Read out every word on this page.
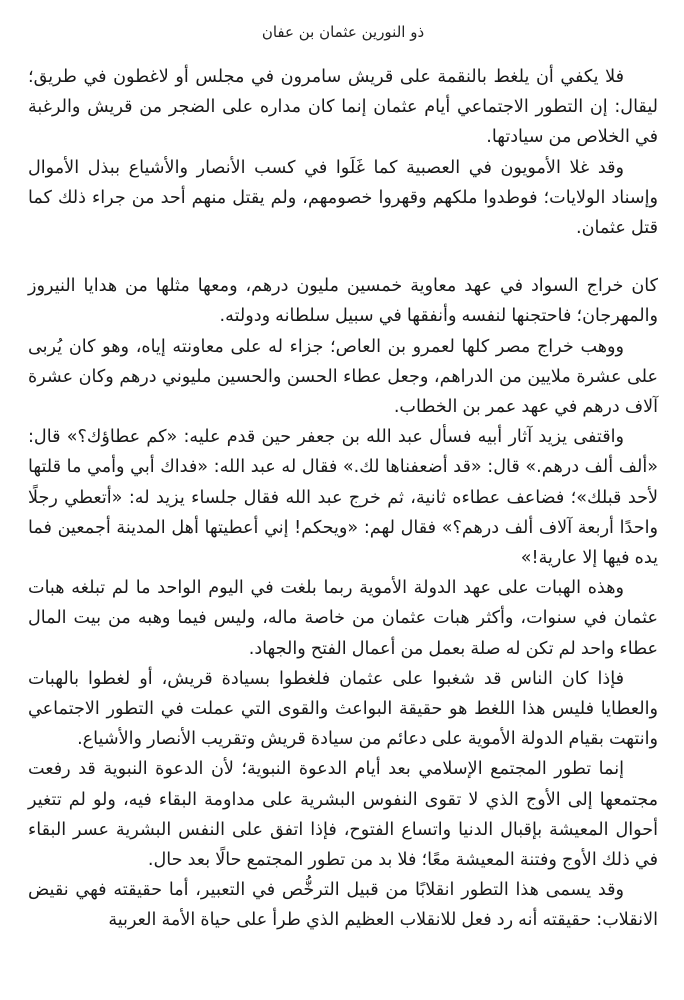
ذو النورين عثمان بن عفان

فلا يكفي أن يلغط بالنقمة على قريش سامرون في مجلس أو لاغطون في طريق؛ ليقال: إن التطور الاجتماعي أيام عثمان إنما كان مداره على الضجر من قريش والرغبة في الخلاص من سيادتها.

وقد غلا الأمويون في العصبية كما غَلَوا في كسب الأنصار والأشياع ببذل الأموال وإسناد الولايات؛ فوطدوا ملكهم وقهروا خصومهم، ولم يقتل منهم أحد من جراء ذلك كما قتل عثمان.

كان خراج السواد في عهد معاوية خمسين مليون درهم، ومعها مثلها من هدايا النيروز والمهرجان؛ فاحتجنها لنفسه وأنفقها في سبيل سلطانه ودولته.

ووهب خراج مصر كلها لعمرو بن العاص؛ جزاء له على معاونته إياه، وهو كان يُربى على عشرة ملايين من الدراهم، وجعل عطاء الحسن والحسين مليوني درهم وكان عشرة آلاف درهم في عهد عمر بن الخطاب.

واقتفى يزيد آثار أبيه فسأل عبد الله بن جعفر حين قدم عليه: «كم عطاؤك؟» قال: «ألف ألف درهم.» قال: «قد أضعفناها لك.» فقال له عبد الله: «فداك أبي وأمي ما قلتها لأحد قبلك»؛ فضاعف عطاءه ثانية، ثم خرج عبد الله فقال جلساء يزيد له: «أتعطي رجلًا واحدًا أربعة آلاف ألف درهم؟» فقال لهم: «ويحكم! إني أعطيتها أهل المدينة أجمعين فما يده فيها إلا عارية!»

وهذه الهبات على عهد الدولة الأموية ربما بلغت في اليوم الواحد ما لم تبلغه هبات عثمان في سنوات، وأكثر هبات عثمان من خاصة ماله، وليس فيما وهبه من بيت المال عطاء واحد لم تكن له صلة بعمل من أعمال الفتح والجهاد.

فإذا كان الناس قد شغبوا على عثمان فلغطوا بسيادة قريش، أو لغطوا بالهبات والعطايا فليس هذا اللغط هو حقيقة البواعث والقوى التي عملت في التطور الاجتماعي وانتهت بقيام الدولة الأموية على دعائم من سيادة قريش وتقريب الأنصار والأشياع.

إنما تطور المجتمع الإسلامي بعد أيام الدعوة النبوية؛ لأن الدعوة النبوية قد رفعت مجتمعها إلى الأوج الذي لا تقوى النفوس البشرية على مداومة البقاء فيه، ولو لم تتغير أحوال المعيشة بإقبال الدنيا واتساع الفتوح، فإذا اتفق على النفس البشرية عسر البقاء في ذلك الأوج وفتنة المعيشة معًا؛ فلا بد من تطور المجتمع حالًا بعد حال.

وقد يسمى هذا التطور انقلابًا من قبيل الترخُّص في التعبير، أما حقيقته فهي نقيض الانقلاب: حقيقته أنه رد فعل للانقلاب العظيم الذي طرأ على حياة الأمة العربية
